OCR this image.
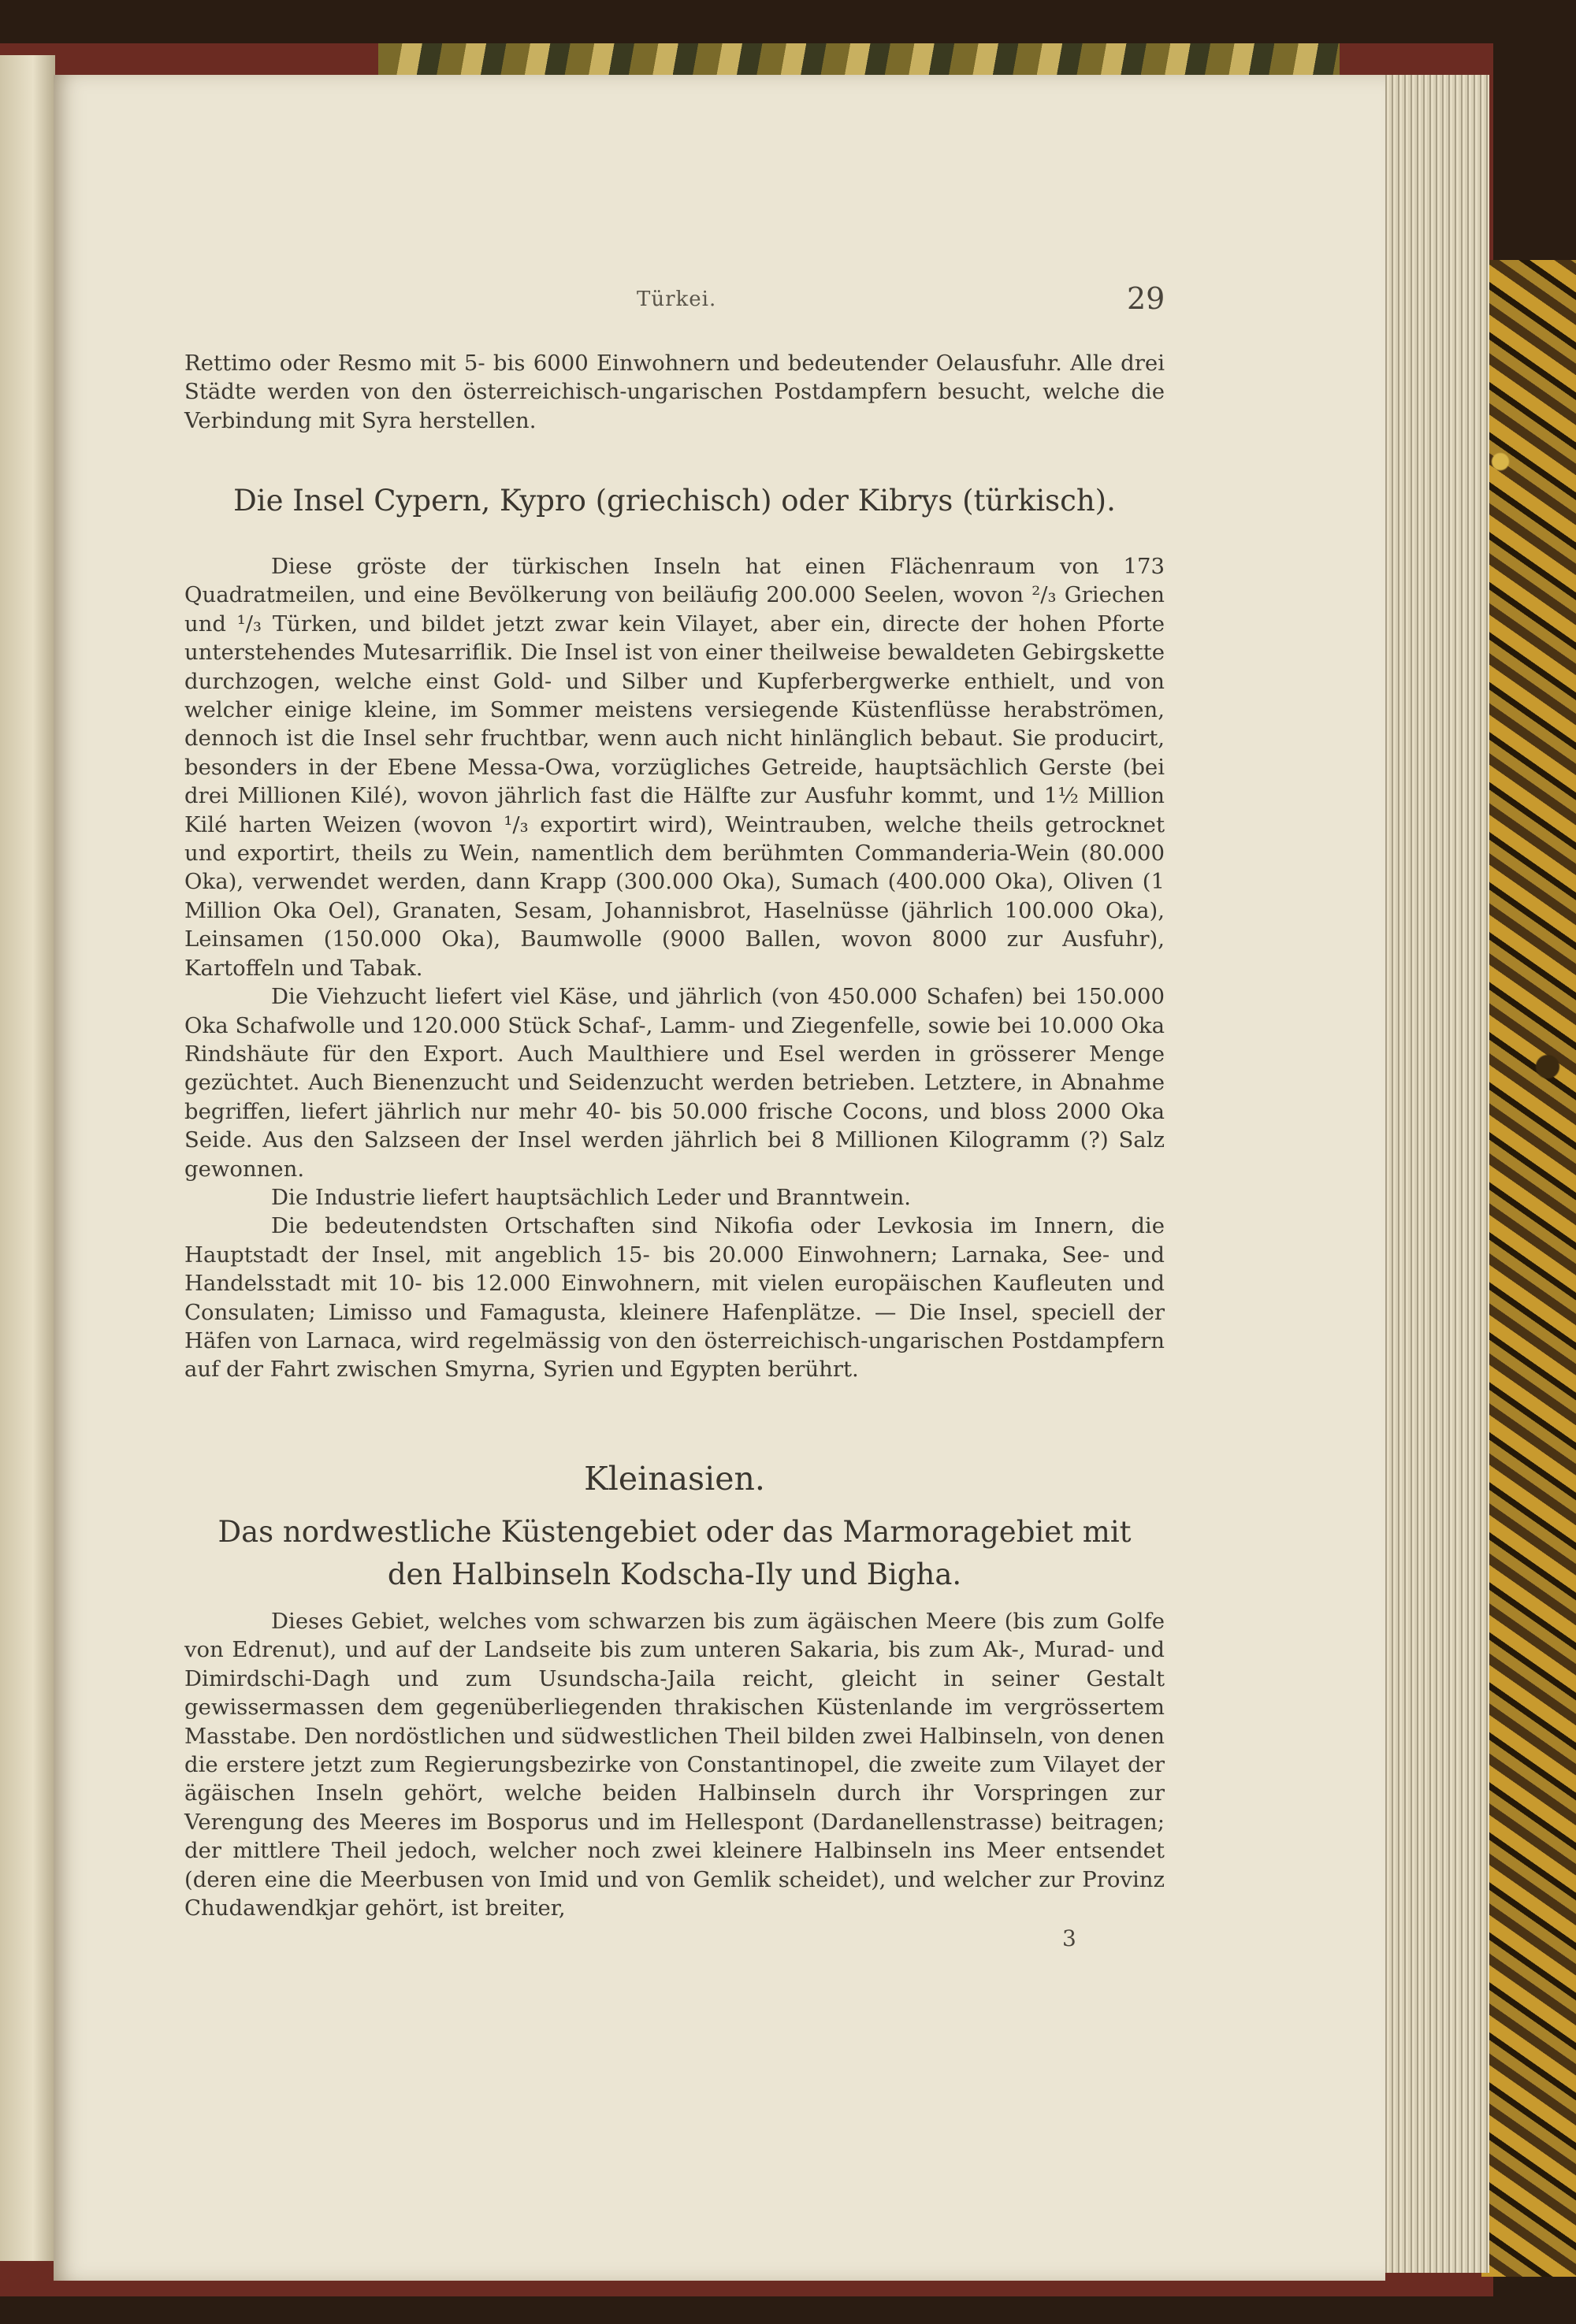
Türkei.	29

Rettimo oder Resmo mit 5- bis 6000 Einwohnern und bedeutender Oelausfuhr. Alle drei Städte werden von den österreichisch-ungarischen Postdampfern besucht, welche die Verbindung mit Syra herstellen.

Die Insel Cypern, Kypro (griechisch) oder Kibrys (türkisch).

Diese gröste der türkischen Inseln hat einen Flächenraum von 173 Quadratmeilen, und eine Bevölkerung von beiläufig 200.000 Seelen, wovon ²/₃ Griechen und ¹/₃ Türken, und bildet jetzt zwar kein Vilayet, aber ein, directe der hohen Pforte unterstehendes Mutesarriflik. Die Insel ist von einer theilweise bewaldeten Gebirgskette durchzogen, welche einst Gold- und Silber und Kupferbergwerke enthielt, und von welcher einige kleine, im Sommer meistens versiegende Küstenflüsse herabströmen, dennoch ist die Insel sehr fruchtbar, wenn auch nicht hinlänglich bebaut. Sie producirt, besonders in der Ebene Messa-Owa, vorzügliches Getreide, hauptsächlich Gerste (bei drei Millionen Kilé), wovon jährlich fast die Hälfte zur Ausfuhr kommt, und 1½ Million Kilé harten Weizen (wovon ¹/₃ exportirt wird), Weintrauben, welche theils getrocknet und exportirt, theils zu Wein, namentlich dem berühmten Commanderia-Wein (80.000 Oka), verwendet werden, dann Krapp (300.000 Oka), Sumach (400.000 Oka), Oliven (1 Million Oka Oel), Granaten, Sesam, Johannisbrot, Haselnüsse (jährlich 100.000 Oka), Leinsamen (150.000 Oka), Baumwolle (9000 Ballen, wovon 8000 zur Ausfuhr), Kartoffeln und Tabak.

Die Viehzucht liefert viel Käse, und jährlich (von 450.000 Schafen) bei 150.000 Oka Schafwolle und 120.000 Stück Schaf-, Lamm- und Ziegenfelle, sowie bei 10.000 Oka Rindshäute für den Export. Auch Maulthiere und Esel werden in grösserer Menge gezüchtet. Auch Bienenzucht und Seidenzucht werden betrieben. Letztere, in Abnahme begriffen, liefert jährlich nur mehr 40- bis 50.000 frische Cocons, und bloss 2000 Oka Seide. Aus den Salzseen der Insel werden jährlich bei 8 Millionen Kilogramm (?) Salz gewonnen.

Die Industrie liefert hauptsächlich Leder und Branntwein.

Die bedeutendsten Ortschaften sind Nikofia oder Levkosia im Innern, die Hauptstadt der Insel, mit angeblich 15- bis 20.000 Einwohnern; Larnaka, See- und Handelsstadt mit 10- bis 12.000 Einwohnern, mit vielen europäischen Kaufleuten und Consulaten; Limisso und Famagusta, kleinere Hafenplätze. — Die Insel, speciell der Häfen von Larnaca, wird regelmässig von den österreichisch-ungarischen Postdampfern auf der Fahrt zwischen Smyrna, Syrien und Egypten berührt.

Kleinasien.
Das nordwestliche Küstengebiet oder das Marmoragebiet mit den Halbinseln Kodscha-Ily und Bigha.

Dieses Gebiet, welches vom schwarzen bis zum ägäischen Meere (bis zum Golfe von Edrenut), und auf der Landseite bis zum unteren Sakaria, bis zum Ak-, Murad- und Dimirdschi-Dagh und zum Usundscha-Jaila reicht, gleicht in seiner Gestalt gewissermassen dem gegenüberliegenden thrakischen Küstenlande im vergrössertem Masstabe. Den nordöstlichen und südwestlichen Theil bilden zwei Halbinseln, von denen die erstere jetzt zum Regierungsbezirke von Constantinopel, die zweite zum Vilayet der ägäischen Inseln gehört, welche beiden Halbinseln durch ihr Vorspringen zur Verengung des Meeres im Bosporus und im Hellespont (Dardanellenstrasse) beitragen; der mittlere Theil jedoch, welcher noch zwei kleinere Halbinseln ins Meer entsendet (deren eine die Meerbusen von Imid und von Gemlik scheidet), und welcher zur Provinz Chudawendkjar gehört, ist breiter,

3
